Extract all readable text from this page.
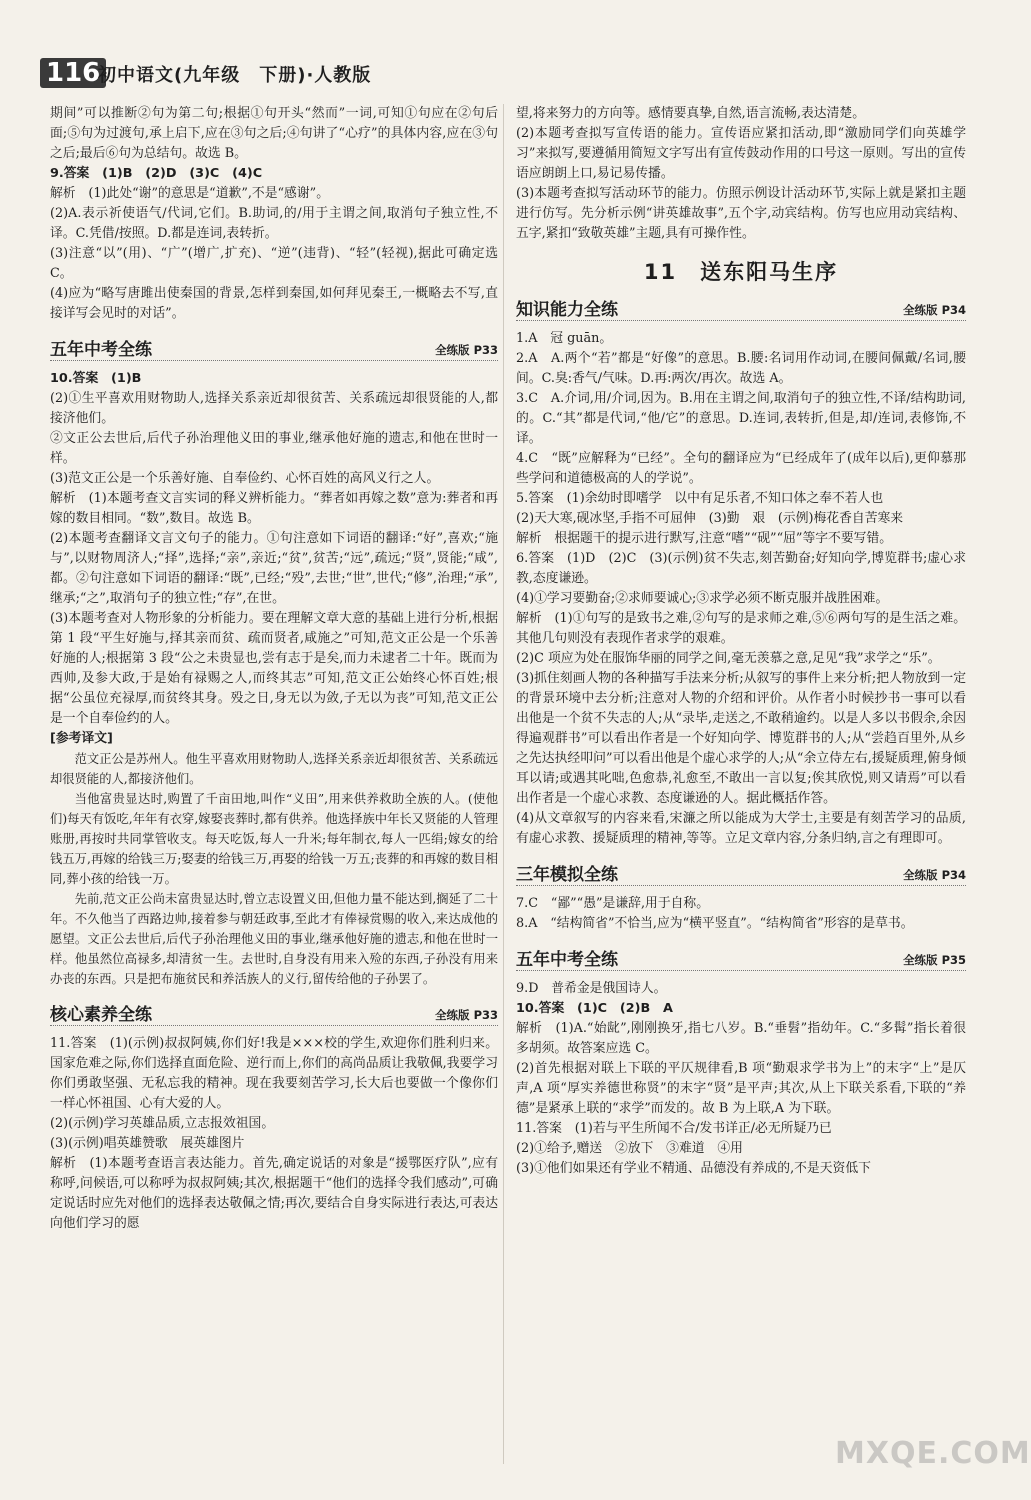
116
初中语文(九年级　下册)·人教版

期间”可以推断②句为第二句;根据①句开头“然而”一词,可知①句应在②句后面;⑤句为过渡句,承上启下,应在③句之后;④句讲了“心疗”的具体内容,应在③句之后;最后⑥句为总结句。故选 B。

9.答案　(1)B　(2)D　(3)C　(4)C

解析　(1)此处“谢”的意思是“道歉”,不是“感谢”。

(2)A.表示祈使语气/代词,它们。B.助词,的/用于主谓之间,取消句子独立性,不译。C.凭借/按照。D.都是连词,表转折。

(3)注意“以”(用)、“广”(增广,扩充)、“逆”(违背)、“轻”(轻视),据此可确定选 C。

(4)应为“略写唐雎出使秦国的背景,怎样到秦国,如何拜见秦王,一概略去不写,直接详写会见时的对话”。

五年中考全练	全练版 P33

10.答案　(1)B

(2)①生平喜欢用财物助人,选择关系亲近却很贫苦、关系疏远却很贤能的人,都接济他们。

②文正公去世后,后代子孙治理他义田的事业,继承他好施的遗志,和他在世时一样。

(3)范文正公是一个乐善好施、自奉俭约、心怀百姓的高风义行之人。

解析　(1)本题考查文言实词的释义辨析能力。“葬者如再嫁之数”意为:葬者和再嫁的数目相同。“数”,数目。故选 B。

(2)本题考查翻译文言文句子的能力。①句注意如下词语的翻译:“好”,喜欢;“施与”,以财物周济人;“择”,选择;“亲”,亲近;“贫”,贫苦;“远”,疏远;“贤”,贤能;“咸”,都。②句注意如下词语的翻译:“既”,已经;“殁”,去世;“世”,世代;“修”,治理;“承”,继承;“之”,取消句子的独立性;“存”,在世。

(3)本题考查对人物形象的分析能力。要在理解文章大意的基础上进行分析,根据第 1 段“平生好施与,择其亲而贫、疏而贤者,咸施之”可知,范文正公是一个乐善好施的人;根据第 3 段“公之未贵显也,尝有志于是矣,而力未逮者二十年。既而为西帅,及参大政,于是始有禄赐之人,而终其志”可知,范文正公始终心怀百姓;根据“公虽位充禄厚,而贫终其身。殁之日,身无以为敛,子无以为丧”可知,范文正公是一个自奉俭约的人。

[参考译文]

范文正公是苏州人。他生平喜欢用财物助人,选择关系亲近却很贫苦、关系疏远却很贤能的人,都接济他们。

当他富贵显达时,购置了千亩田地,叫作“义田”,用来供养救助全族的人。(使他们)每天有饭吃,年年有衣穿,嫁娶丧葬时,都有供养。他选择族中年长又贤能的人管理账册,再按时共同掌管收支。每天吃饭,每人一升米;每年制衣,每人一匹绢;嫁女的给钱五万,再嫁的给钱三万;娶妻的给钱三万,再娶的给钱一万五;丧葬的和再嫁的数目相同,葬小孩的给钱一万。

先前,范文正公尚未富贵显达时,曾立志设置义田,但他力量不能达到,搁延了二十年。不久他当了西路边帅,接着参与朝廷政事,至此才有俸禄赏赐的收入,来达成他的愿望。文正公去世后,后代子孙治理他义田的事业,继承他好施的遗志,和他在世时一样。他虽然位高禄多,却清贫一生。去世时,自身没有用来入殓的东西,子孙没有用来办丧的东西。只是把布施贫民和养活族人的义行,留传给他的子孙罢了。

核心素养全练	全练版 P33

11.答案　(1)(示例)叔叔阿姨,你们好!我是×××校的学生,欢迎你们胜利归来。国家危难之际,你们选择直面危险、逆行而上,你们的高尚品质让我敬佩,我要学习你们勇敢坚强、无私忘我的精神。现在我要刻苦学习,长大后也要做一个像你们一样心怀祖国、心有大爱的人。

(2)(示例)学习英雄品质,立志报效祖国。

(3)(示例)唱英雄赞歌　展英雄图片

解析　(1)本题考查语言表达能力。首先,确定说话的对象是“援鄂医疗队”,应有称呼,问候语,可以称呼为叔叔阿姨;其次,根据题干“他们的选择令我们感动”,可确定说话时应先对他们的选择表达敬佩之情;再次,要结合自身实际进行表达,可表达向他们学习的愿

望,将来努力的方向等。感情要真挚,自然,语言流畅,表达清楚。

(2)本题考查拟写宣传语的能力。宣传语应紧扣活动,即“激励同学们向英雄学习”来拟写,要遵循用简短文字写出有宣传鼓动作用的口号这一原则。写出的宣传语应朗朗上口,易记易传播。

(3)本题考查拟写活动环节的能力。仿照示例设计活动环节,实际上就是紧扣主题进行仿写。先分析示例“讲英雄故事”,五个字,动宾结构。仿写也应用动宾结构、五字,紧扣“致敬英雄”主题,具有可操作性。

11　送东阳马生序
知识能力全练	全练版 P34

1.A　冠 guān。

2.A　A.两个“若”都是“好像”的意思。B.腰:名词用作动词,在腰间佩戴/名词,腰间。C.臭:香气/气味。D.再:两次/再次。故选 A。

3.C　A.介词,用/介词,因为。B.用在主谓之间,取消句子的独立性,不译/结构助词,的。C.“其”都是代词,“他/它”的意思。D.连词,表转折,但是,却/连词,表修饰,不译。

4.C　“既”应解释为“已经”。全句的翻译应为“已经成年了(成年以后),更仰慕那些学问和道德极高的人的学说”。

5.答案　(1)余幼时即嗜学　以中有足乐者,不知口体之奉不若人也

(2)天大寒,砚冰坚,手指不可屈伸　(3)勤　艰　(示例)梅花香自苦寒来

解析　根据题干的提示进行默写,注意“嗜”“砚”“屈”等字不要写错。

6.答案　(1)D　(2)C　(3)(示例)贫不失志,刻苦勤奋;好知向学,博览群书;虚心求教,态度谦逊。

(4)①学习要勤奋;②求师要诚心;③求学必须不断克服并战胜困难。

解析　(1)①句写的是致书之难,②句写的是求师之难,⑤⑥两句写的是生活之难。其他几句则没有表现作者求学的艰难。

(2)C 项应为处在服饰华丽的同学之间,毫无羡慕之意,足见“我”求学之“乐”。

(3)抓住刻画人物的各种描写手法来分析;从叙写的事件上来分析;把人物放到一定的背景环境中去分析;注意对人物的介绍和评价。从作者小时候抄书一事可以看出他是一个贫不失志的人;从“录毕,走送之,不敢稍逾约。以是人多以书假余,余因得遍观群书”可以看出作者是一个好知向学、博览群书的人;从“尝趋百里外,从乡之先达执经叩问”可以看出他是个虚心求学的人;从“余立侍左右,援疑质理,俯身倾耳以请;或遇其叱咄,色愈恭,礼愈至,不敢出一言以复;俟其欣悦,则又请焉”可以看出作者是一个虚心求教、态度谦逊的人。据此概括作答。

(4)从文章叙写的内容来看,宋濂之所以能成为大学士,主要是有刻苦学习的品质,有虚心求教、援疑质理的精神,等等。立足文章内容,分条归纳,言之有理即可。

三年模拟全练	全练版 P34

7.C　“鄙”“愚”是谦辞,用于自称。

8.A　“结构简省”不恰当,应为“横平竖直”。“结构简省”形容的是草书。

五年中考全练	全练版 P35

9.D　普希金是俄国诗人。

10.答案　(1)C　(2)B　A

解析　(1)A.“始龀”,刚刚换牙,指七八岁。B.“垂髫”指幼年。C.“多髯”指长着很多胡须。故答案应选 C。

(2)首先根据对联上下联的平仄规律看,B 项“勤艰求学书为上”的末字“上”是仄声,A 项“厚实养德世称贤”的末字“贤”是平声;其次,从上下联关系看,下联的“养德”是紧承上联的“求学”而发的。故 B 为上联,A 为下联。

11.答案　(1)若与平生所闻不合/发书详正/必无所疑乃已

(2)①给予,赠送　②放下　③难道　④用

(3)①他们如果还有学业不精通、品德没有养成的,不是天资低下

MXQE.COM
